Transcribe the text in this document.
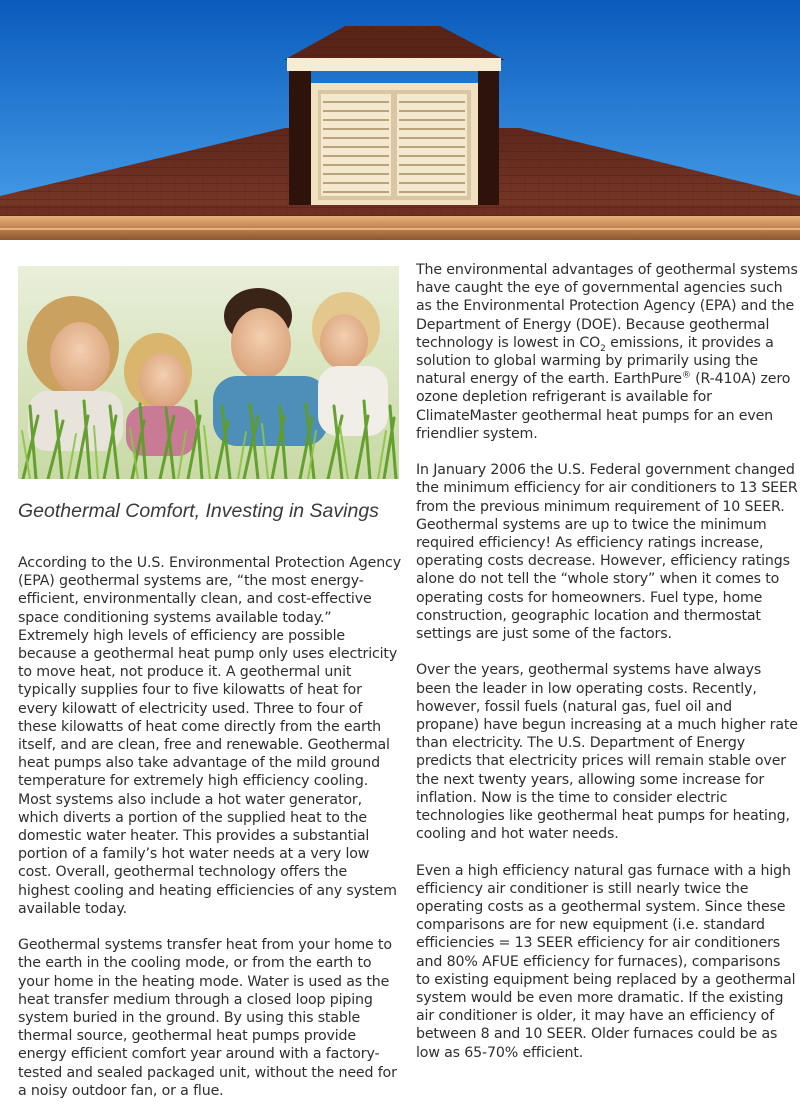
Geothermal Comfort, Investing in Savings

According to the U.S. Environmental Protection Agency (EPA) geothermal systems are, “the most energy-efficient, environmentally clean, and cost-effective space conditioning systems available today.” Extremely high levels of efficiency are possible because a geothermal heat pump only uses electricity to move heat, not produce it. A geothermal unit typically supplies four to five kilowatts of heat for every kilowatt of electricity used. Three to four of these kilowatts of heat come directly from the earth itself, and are clean, free and renewable. Geothermal heat pumps also take advantage of the mild ground temperature for extremely high efficiency cooling. Most systems also include a hot water generator, which diverts a portion of the supplied heat to the domestic water heater. This provides a substantial portion of a family’s hot water needs at a very low cost. Overall, geothermal technology offers the highest cooling and heating efficiencies of any system available today.

Geothermal systems transfer heat from your home to the earth in the cooling mode, or from the earth to your home in the heating mode. Water is used as the heat transfer medium through a closed loop piping system buried in the ground. By using this stable thermal source, geothermal heat pumps provide energy efficient comfort year around with a factory-tested and sealed packaged unit, without the need for a noisy outdoor fan, or a flue.

The environmental advantages of geothermal systems have caught the eye of governmental agencies such as the Environmental Protection Agency (EPA) and the Department of Energy (DOE). Because geothermal technology is lowest in $CO_2$ emissions, it provides a solution to global warming by primarily using the natural energy of the earth. EarthPure® (R-410A) zero ozone depletion refrigerant is available for ClimateMaster geothermal heat pumps for an even friendlier system.

In January 2006 the U.S. Federal government changed the minimum efficiency for air conditioners to 13 SEER from the previous minimum requirement of 10 SEER. Geothermal systems are up to twice the minimum required efficiency! As efficiency ratings increase, operating costs decrease. However, efficiency ratings alone do not tell the “whole story” when it comes to operating costs for homeowners. Fuel type, home construction, geographic location and thermostat settings are just some of the factors.

Over the years, geothermal systems have always been the leader in low operating costs. Recently, however, fossil fuels (natural gas, fuel oil and propane) have begun increasing at a much higher rate than electricity. The U.S. Department of Energy predicts that electricity prices will remain stable over the next twenty years, allowing some increase for inflation. Now is the time to consider electric technologies like geothermal heat pumps for heating, cooling and hot water needs.

Even a high efficiency natural gas furnace with a high efficiency air conditioner is still nearly twice the operating costs as a geothermal system. Since these comparisons are for new equipment (i.e. standard efficiencies = 13 SEER efficiency for air conditioners and 80% AFUE efficiency for furnaces), comparisons to existing equipment being replaced by a geothermal system would be even more dramatic. If the existing air conditioner is older, it may have an efficiency of between 8 and 10 SEER. Older furnaces could be as low as 65-70% efficient.
